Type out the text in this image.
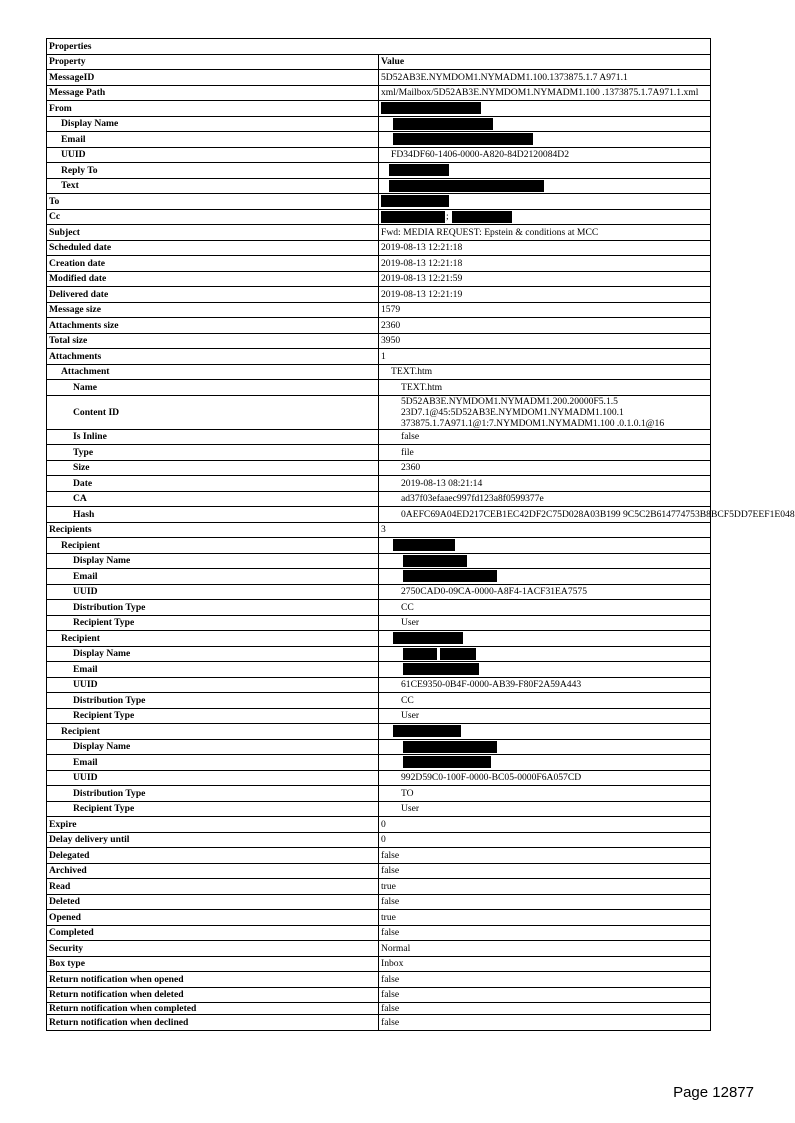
Properties	
Property	Value
MessageID	5D52AB3E.NYMDOM1.NYMADM1.100.1373875.1.7 A971.1
Message Path	xml/Mailbox/5D52AB3E.NYMDOM1.NYMADM1.100 .1373875.1.7A971.1.xml
From	
Display Name	
Email	
UUID	FD34DF60-1406-0000-A820-84D2120084D2
Reply To	
Text	
To	
Cc	;
Subject	Fwd: MEDIA REQUEST: Epstein & conditions at MCC
Scheduled date	2019-08-13 12:21:18
Creation date	2019-08-13 12:21:18
Modified date	2019-08-13 12:21:59
Delivered date	2019-08-13 12:21:19
Message size	1579
Attachments size	2360
Total size	3950
Attachments	1
Attachment	TEXT.htm
Name	TEXT.htm
Content ID	5D52AB3E.NYMDOM1.NYMADM1.200.20000F5.1.5
23D7.1@45:5D52AB3E.NYMDOM1.NYMADM1.100.1
373875.1.7A971.1@1:7.NYMDOM1.NYMADM1.100 .0.1.0.1@16
Is Inline	false
Type	file
Size	2360
Date	2019-08-13 08:21:14
CA	ad37f03efaaec997fd123a8f0599377e
Hash	0AEFC69A04ED217CEB1EC42DF2C75D028A03B199 9C5C2B614774753B8BCF5DD7EEF1E048
Recipients	3
Recipient	
Display Name	
Email	
UUID	2750CAD0-09CA-0000-A8F4-1ACF31EA7575
Distribution Type	CC
Recipient Type	User
Recipient	
Display Name	
Email	
UUID	61CE9350-0B4F-0000-AB39-F80F2A59A443
Distribution Type	CC
Recipient Type	User
Recipient	
Display Name	
Email	
UUID	992D59C0-100F-0000-BC05-0000F6A057CD
Distribution Type	TO
Recipient Type	User
Expire	0
Delay delivery until	0
Delegated	false
Archived	false
Read	true
Deleted	false
Opened	true
Completed	false
Security	Normal
Box type	Inbox
Return notification when opened	false
Return notification when deleted	false
Return notification when completed	false
Return notification when declined	false
Page 12877
